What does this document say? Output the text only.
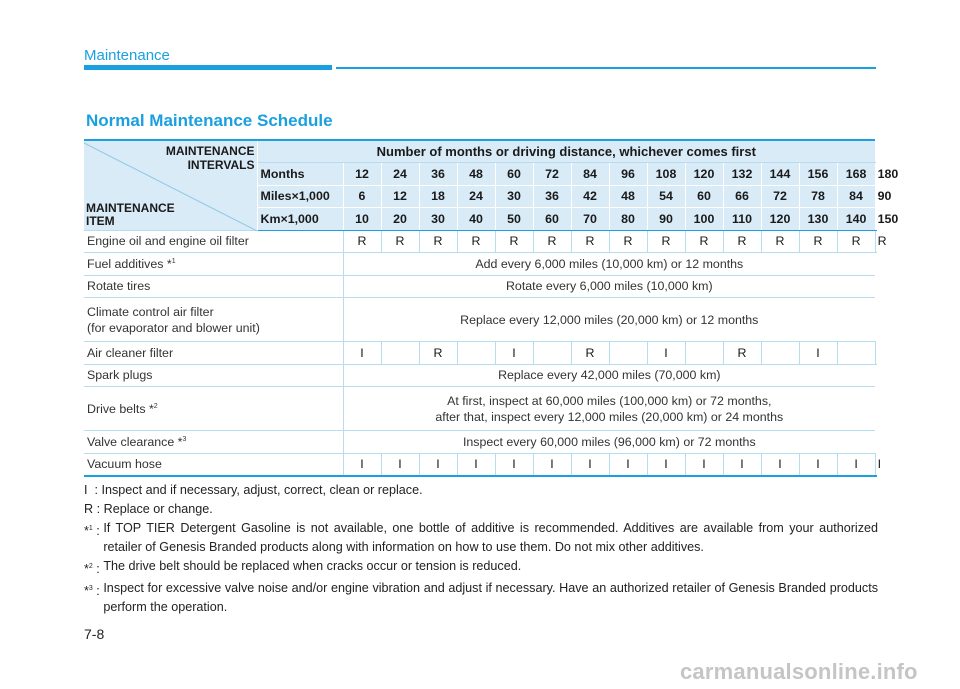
Maintenance
Normal Maintenance Schedule
MAINTENANCE
INTERVALS
MAINTENANCE
ITEM	Number of months or driving distance, whichever comes first															
	Months	12	24	36	48	60	72	84	96	108	120	132	144	156	168	180
	Miles×1,000	6	12	18	24	30	36	42	48	54	60	66	72	78	84	90
	Km×1,000	10	20	30	40	50	60	70	80	90	100	110	120	130	140	150
Engine oil and engine oil filter		R	R	R	R	R	R	R	R	R	R	R	R	R	R	R
Fuel additives *$^1$		Add every 6,000 miles (10,000 km) or 12 months														
Rotate tires		Rotate every 6,000 miles (10,000 km)														

Climate control air filter
(for evaporator and blower unit)		Replace every 12,000 miles (20,000 km) or 12 months														
Air cleaner filter		I		R		I		R		I		R		I		
Spark plugs		Replace every 42,000 miles (70,000 km)														
Drive belts *$^2$		At first, inspect at 60,000 miles (100,000 km) or 72 months,
after that, inspect every 12,000 miles (20,000 km) or 24 months														

Valve clearance *$^3$		Inspect every 60,000 miles (96,000 km) or 72 months														
Vacuum hose		I	I	I	I	I	I	I	I	I	I	I	I	I	I	I
I  : Inspect and if necessary, adjust, correct, clean or replace.
R : Replace or change.
*$^1$ : If TOP TIER Detergent Gasoline is not available, one bottle of additive is recommended. Additives are available from your authorized retailer of Genesis Branded products along with information on how to use them. Do not mix other additives.
*$^2$ : The drive belt should be replaced when cracks occur or tension is reduced.
*$^3$ : Inspect for excessive valve noise and/or engine vibration and adjust if necessary. Have an authorized retailer of Genesis Branded products perform the operation.
7-8
carmanualsonline.info
